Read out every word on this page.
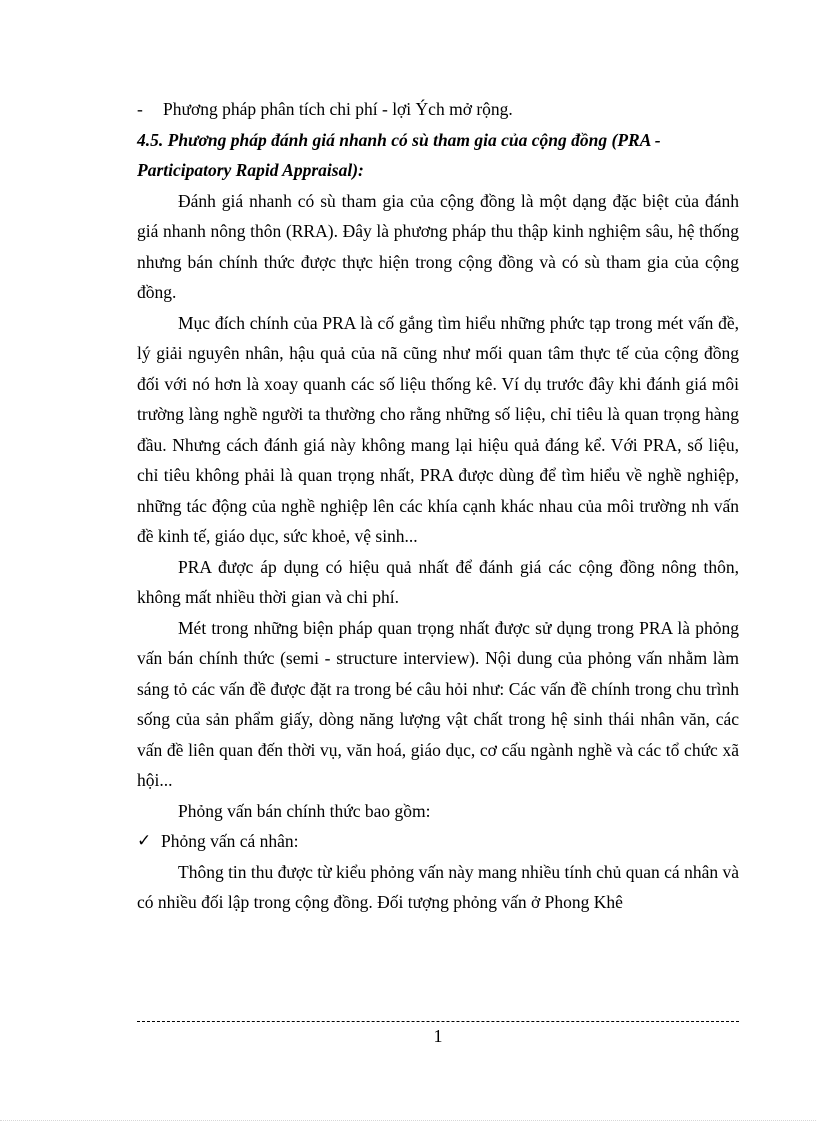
- Phương pháp phân tích chi phí - lợi Ých mở rộng.

4.5. Phương pháp đánh giá nhanh có sù tham gia của cộng đồng (PRA - Participatory Rapid Appraisal):

Đánh giá nhanh có sù tham gia của cộng đồng là một dạng đặc biệt của đánh giá nhanh nông thôn (RRA). Đây là phương pháp thu thập kinh nghiệm sâu, hệ thống nhưng bán chính thức được thực hiện trong cộng đồng và có sù tham gia của cộng đồng.

Mục đích chính của PRA là cố gắng tìm hiểu những phức tạp trong mét vấn đề, lý giải nguyên nhân, hậu quả của nã cũng như mối quan tâm thực tế của cộng đồng đối với nó hơn là xoay quanh các số liệu thống kê. Ví dụ trước đây khi đánh giá môi trường làng nghề người ta thường cho rằng những số liệu, chỉ tiêu là quan trọng hàng đầu. Nhưng cách đánh giá này không mang lại hiệu quả đáng kể. Với PRA, số liệu, chỉ tiêu không phải là quan trọng nhất, PRA được dùng để tìm hiểu về nghề nghiệp, những tác động của nghề nghiệp lên các khía cạnh khác nhau của môi trường nh vấn đề kinh tế, giáo dục, sức khoẻ, vệ sinh...

PRA được áp dụng có hiệu quả nhất để đánh giá các cộng đồng nông thôn, không mất nhiều thời gian và chi phí.

Mét trong những biện pháp quan trọng nhất được sử dụng trong PRA là phỏng vấn bán chính thức (semi - structure interview). Nội dung của phỏng vấn nhằm làm sáng tỏ các vấn đề được đặt ra trong bé câu hỏi như: Các vấn đề chính trong chu trình sống của sản phẩm giấy, dòng năng lượng vật chất trong hệ sinh thái nhân văn, các vấn đề liên quan đến thời vụ, văn hoá, giáo dục, cơ cấu ngành nghề và các tổ chức xã hội...

Phỏng vấn bán chính thức bao gồm:

✓ Phỏng vấn cá nhân:

Thông tin thu được từ kiểu phỏng vấn này mang nhiều tính chủ quan cá nhân và có nhiều đối lập trong cộng đồng. Đối tượng phỏng vấn ở Phong Khê

1
